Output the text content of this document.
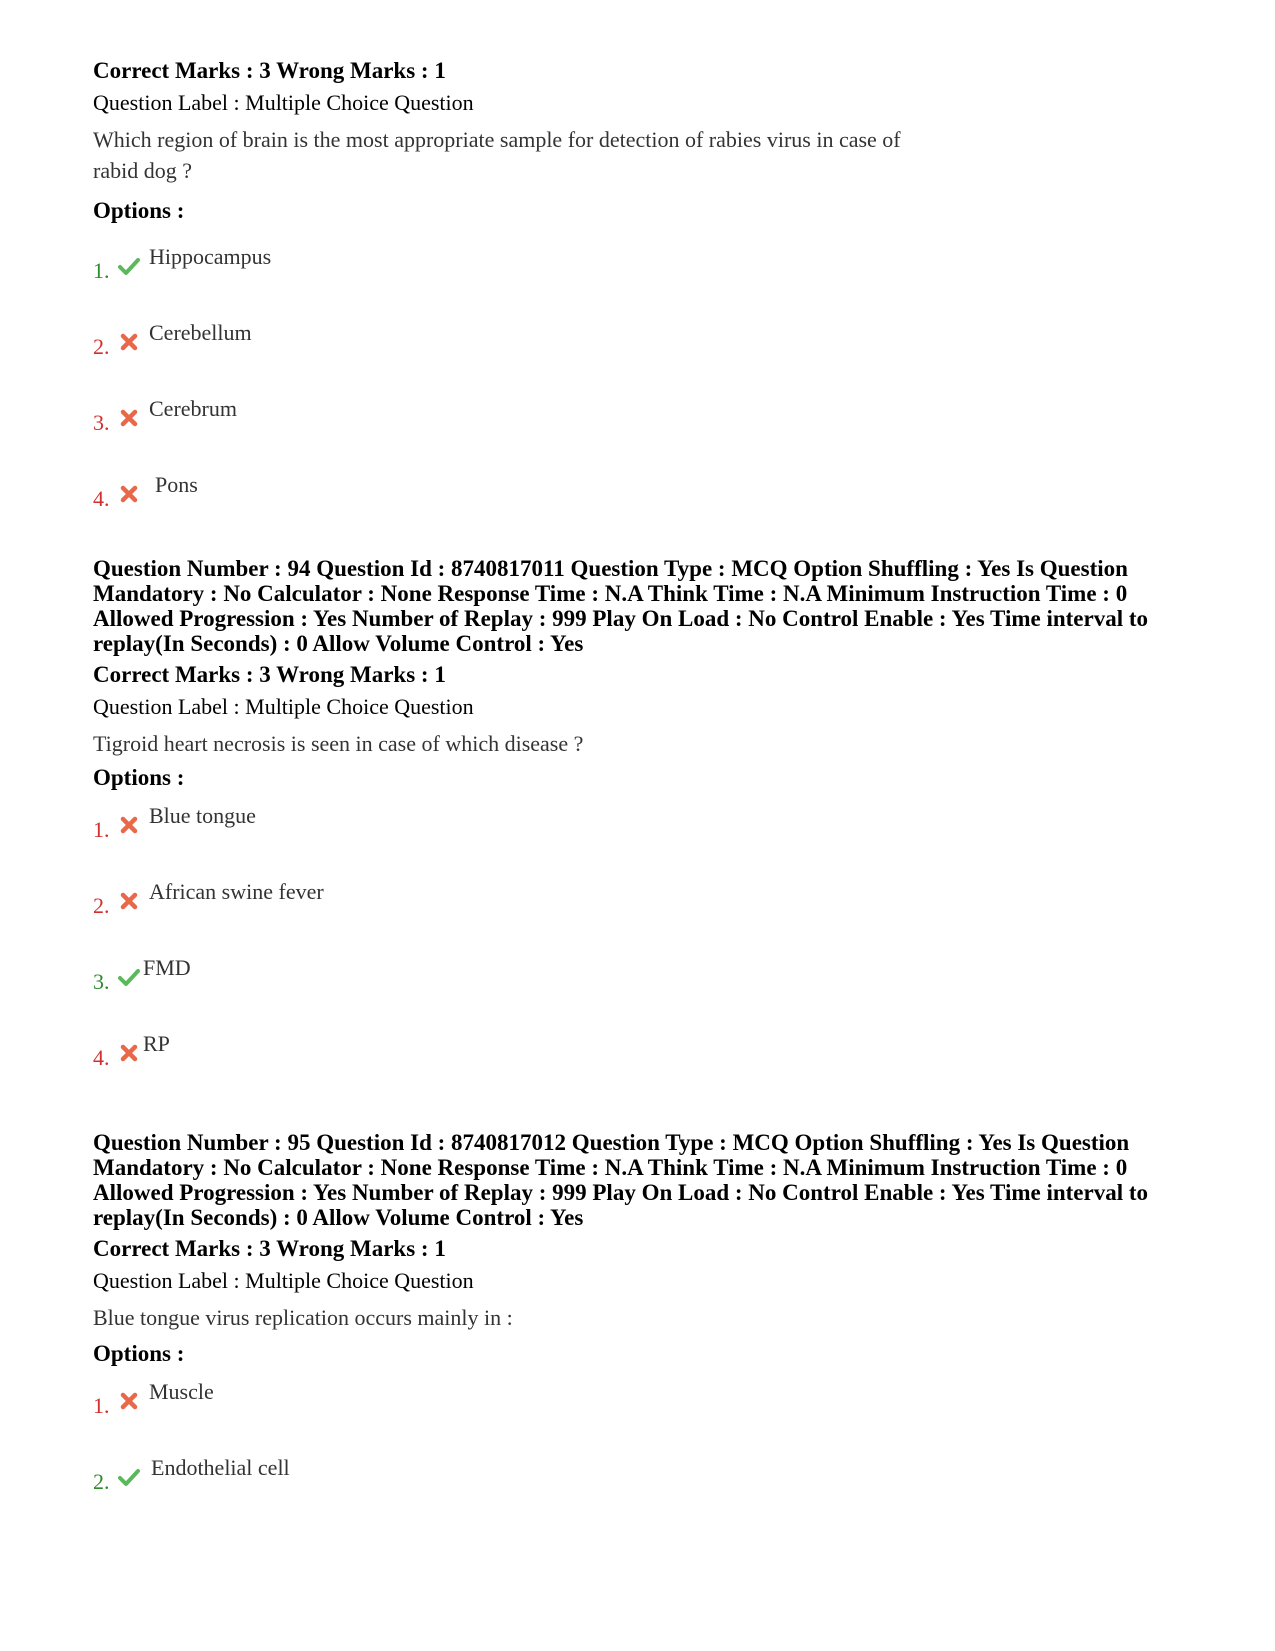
Correct Marks : 3 Wrong Marks : 1

Question Label : Multiple Choice Question

Which region of brain is the most appropriate sample for detection of rabies virus in case of rabid dog ?

Options :

1.
Hippocampus
2.
Cerebellum
3.
Cerebrum
4.
Pons

Question Number : 94 Question Id : 8740817011 Question Type : MCQ Option Shuffling : Yes Is Question Mandatory : No Calculator : None Response Time : N.A Think Time : N.A Minimum Instruction Time : 0 Allowed Progression : Yes Number of Replay : 999 Play On Load : No Control Enable : Yes Time interval to replay(In Seconds) : 0 Allow Volume Control : Yes

Correct Marks : 3 Wrong Marks : 1

Question Label : Multiple Choice Question

Tigroid heart necrosis is seen in case of which disease ?

Options :

1.
Blue tongue
2.
African swine fever
3.
FMD
4.
RP

Question Number : 95 Question Id : 8740817012 Question Type : MCQ Option Shuffling : Yes Is Question Mandatory : No Calculator : None Response Time : N.A Think Time : N.A Minimum Instruction Time : 0 Allowed Progression : Yes Number of Replay : 999 Play On Load : No Control Enable : Yes Time interval to replay(In Seconds) : 0 Allow Volume Control : Yes

Correct Marks : 3 Wrong Marks : 1

Question Label : Multiple Choice Question

Blue tongue virus replication occurs mainly in :

Options :

1.
Muscle
2.
Endothelial cell
